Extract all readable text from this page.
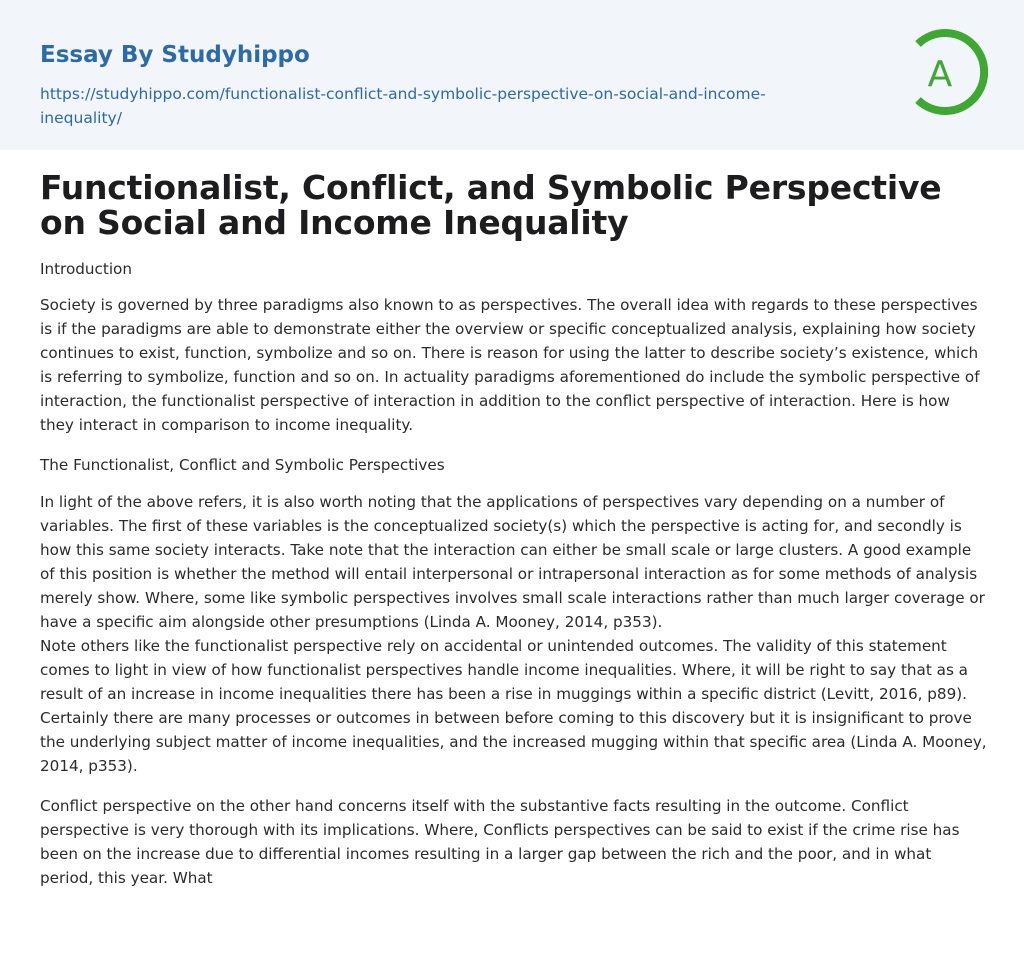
Essay By Studyhippo
https://studyhippo.com/functionalist-conflict-and-symbolic-perspective-on-social-and-income-inequality/
A
Functionalist, Conflict, and Symbolic Perspective on Social and Income Inequality

Introduction

Society is governed by three paradigms also known to as perspectives. The overall idea with regards to these perspectives is if the paradigms are able to demonstrate either the overview or specific conceptualized analysis, explaining how society continues to exist, function, symbolize and so on. There is reason for using the latter to describe society’s existence, which is referring to symbolize, function and so on. In actuality paradigms aforementioned do include the symbolic perspective of interaction, the functionalist perspective of interaction in addition to the conflict perspective of interaction. Here is how they interact in comparison to income inequality.

The Functionalist, Conflict and Symbolic Perspectives

In light of the above refers, it is also worth noting that the applications of perspectives vary depending on a number of variables. The first of these variables is the conceptualized society(s) which the perspective is acting for, and secondly is how this same society interacts. Take note that the interaction can either be small scale or large clusters. A good example of this position is whether the method will entail interpersonal or intrapersonal interaction as for some methods of analysis merely show. Where, some like symbolic perspectives involves small scale interactions rather than much larger coverage or have a specific aim alongside other presumptions (Linda A. Mooney, 2014, p353).

Note others like the functionalist perspective rely on accidental or unintended outcomes. The validity of this statement comes to light in view of how functionalist perspectives handle income inequalities. Where, it will be right to say that as a result of an increase in income inequalities there has been a rise in muggings within a specific district (Levitt, 2016, p89). Certainly there are many processes or outcomes in between before coming to this discovery but it is insignificant to prove the underlying subject matter of income inequalities, and the increased mugging within that specific area (Linda A. Mooney, 2014, p353).

Conflict perspective on the other hand concerns itself with the substantive facts resulting in the outcome. Conflict perspective is very thorough with its implications. Where, Conflicts perspectives can be said to exist if the crime rise has been on the increase due to differential incomes resulting in a larger gap between the rich and the poor, and in what period, this year. What
